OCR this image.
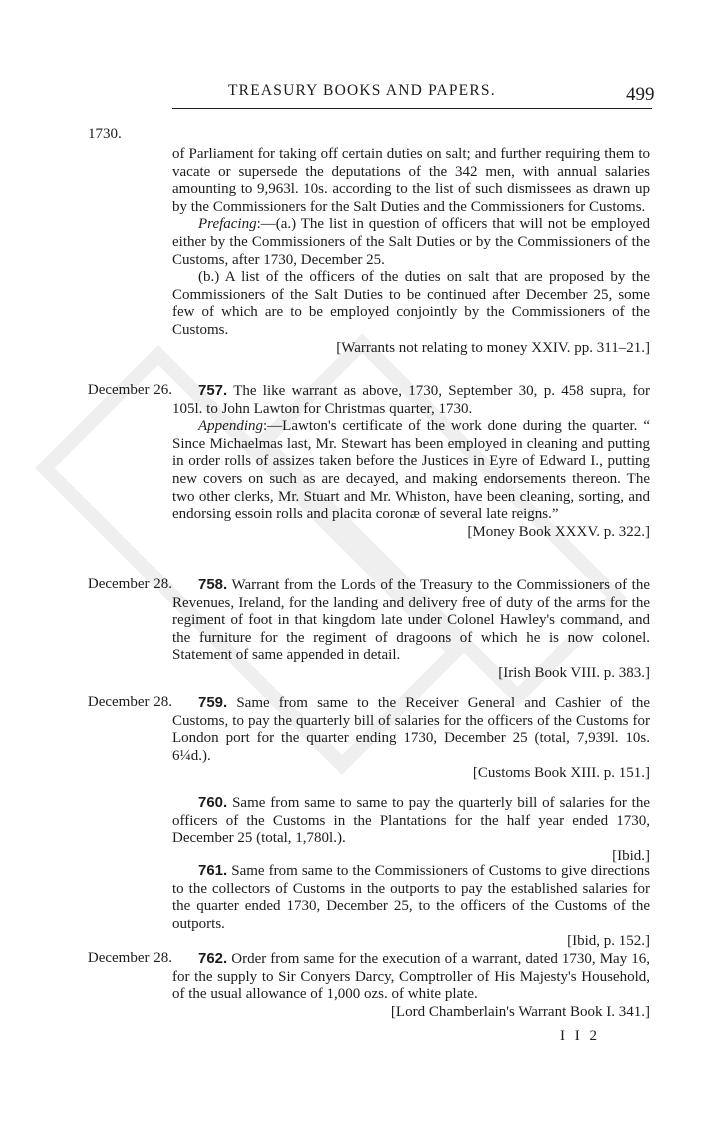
TREASURY BOOKS AND PAPERS.	499
1730.

of Parliament for taking off certain duties on salt; and further requiring them to vacate or supersede the deputations of the 342 men, with annual salaries amounting to 9,963l. 10s. according to the list of such dismissees as drawn up by the Commissioners for the Salt Duties and the Commissioners for Customs.

Prefacing:—(a.) The list in question of officers that will not be employed either by the Commissioners of the Salt Duties or by the Commissioners of the Customs, after 1730, December 25.

(b.) A list of the officers of the duties on salt that are proposed by the Commissioners of the Salt Duties to be continued after December 25, some few of which are to be employed conjointly by the Commissioners of the Customs.

[Warrants not relating to money XXIV. pp. 311–21.]

December 26.	757. The like warrant as above, 1730, September 30, p. 458 supra, for 105l. to John Lawton for Christmas quarter, 1730.

Appending:—Lawton's certificate of the work done during the quarter. “ Since Michaelmas last, Mr. Stewart has been employed in cleaning and putting in order rolls of assizes taken before the Justices in Eyre of Edward I., putting new covers on such as are decayed, and making endorsements thereon. The two other clerks, Mr. Stuart and Mr. Whiston, have been cleaning, sorting, and endorsing essoin rolls and placita coronæ of several late reigns.”

[Money Book XXXV. p. 322.]

December 28.	758. Warrant from the Lords of the Treasury to the Commissioners of the Revenues, Ireland, for the landing and delivery free of duty of the arms for the regiment of foot in that kingdom late under Colonel Hawley's command, and the furniture for the regiment of dragoons of which he is now colonel. Statement of same appended in detail.

[Irish Book VIII. p. 383.]

December 28.	759. Same from same to the Receiver General and Cashier of the Customs, to pay the quarterly bill of salaries for the officers of the Customs for London port for the quarter ending 1730, December 25 (total, 7,939l. 10s. 6¼d.).

[Customs Book XIII. p. 151.]

760. Same from same to same to pay the quarterly bill of salaries for the officers of the Customs in the Plantations for the half year ended 1730, December 25 (total, 1,780l.).

[Ibid.]

761. Same from same to the Commissioners of Customs to give directions to the collectors of Customs in the outports to pay the established salaries for the quarter ended 1730, December 25, to the officers of the Customs of the outports.

[Ibid, p. 152.]

December 28.	762. Order from same for the execution of a warrant, dated 1730, May 16, for the supply to Sir Conyers Darcy, Comptroller of His Majesty's Household, of the usual allowance of 1,000 ozs. of white plate.

[Lord Chamberlain's Warrant Book I. 341.]

I I 2
